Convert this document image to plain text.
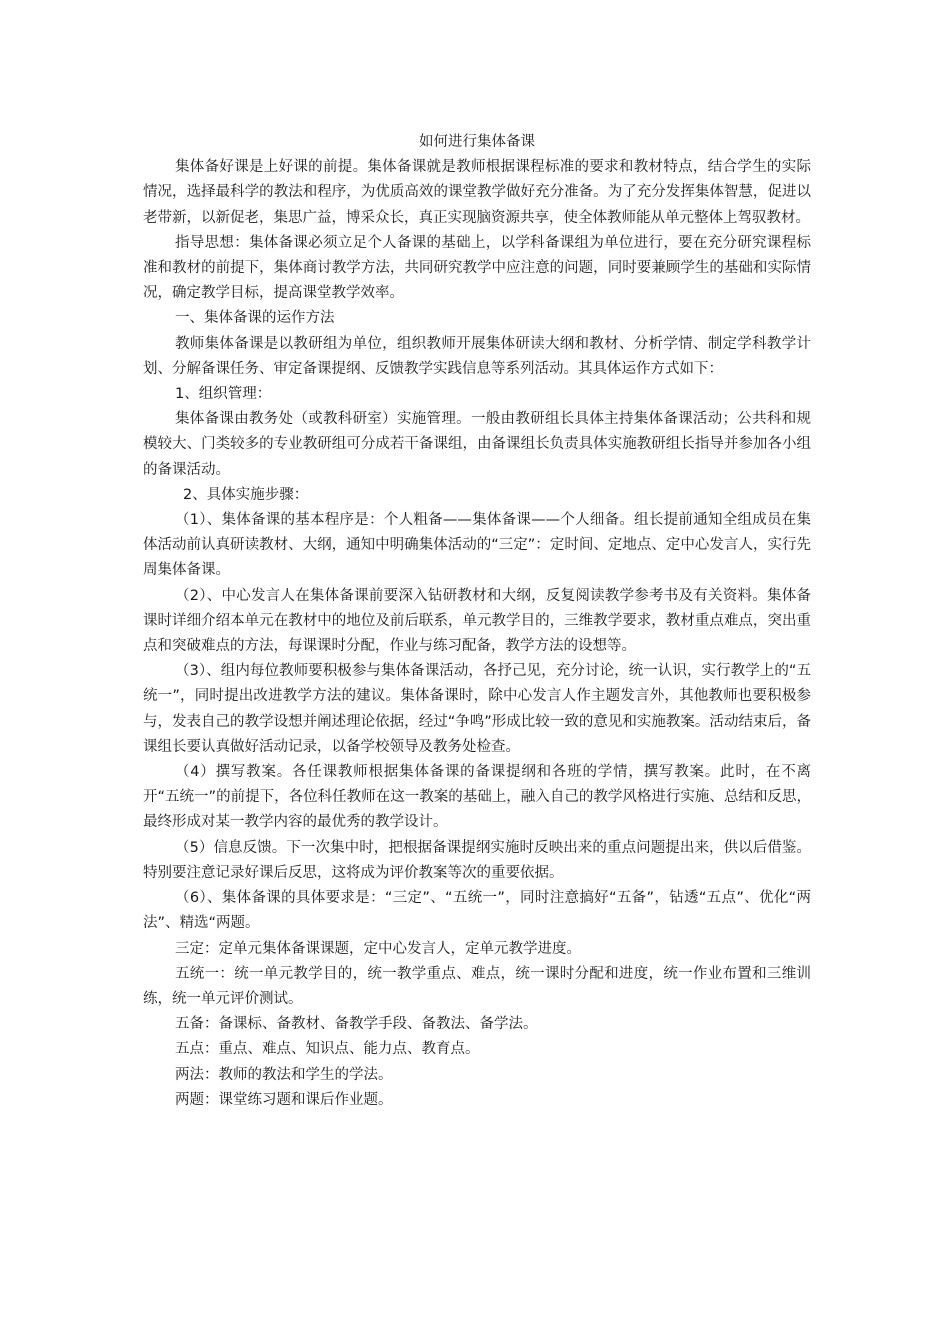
如何进行集体备课

集体备好课是上好课的前提。集体备课就是教师根据课程标准的要求和教材特点，结合学生的实际情况，选择最科学的教法和程序，为优质高效的课堂教学做好充分准备。为了充分发挥集体智慧，促进以老带新，以新促老，集思广益，博采众长，真正实现脑资源共享，使全体教师能从单元整体上驾驭教材。

指导思想：集体备课必须立足个人备课的基础上，以学科备课组为单位进行，要在充分研究课程标准和教材的前提下，集体商讨教学方法，共同研究教学中应注意的问题，同时要兼顾学生的基础和实际情况，确定教学目标，提高课堂教学效率。

一、集体备课的运作方法

教师集体备课是以教研组为单位，组织教师开展集体研读大纲和教材、分析学情、制定学科教学计划、分解备课任务、审定备课提纲、反馈教学实践信息等系列活动。其具体运作方式如下：

1、组织管理：

集体备课由教务处（或教科研室）实施管理。一般由教研组长具体主持集体备课活动；公共科和规模较大、门类较多的专业教研组可分成若干备课组，由备课组长负责具体实施教研组长指导并参加各小组的备课活动。

2、具体实施步骤：

（1）、集体备课的基本程序是：个人粗备——集体备课——个人细备。组长提前通知全组成员在集体活动前认真研读教材、大纲，通知中明确集体活动的“三定”：定时间、定地点、定中心发言人，实行先周集体备课。

（2）、中心发言人在集体备课前要深入钻研教材和大纲，反复阅读教学参考书及有关资料。集体备课时详细介绍本单元在教材中的地位及前后联系，单元教学目的，三维教学要求，教材重点难点，突出重点和突破难点的方法，每课课时分配，作业与练习配备，教学方法的设想等。

（3）、组内每位教师要积极参与集体备课活动，各抒己见，充分讨论，统一认识，实行教学上的“五统一”，同时提出改进教学方法的建议。集体备课时，除中心发言人作主题发言外，其他教师也要积极参与，发表自己的教学设想并阐述理论依据，经过“争鸣”形成比较一致的意见和实施教案。活动结束后，备课组长要认真做好活动记录，以备学校领导及教务处检查。

（4）撰写教案。各任课教师根据集体备课的备课提纲和各班的学情，撰写教案。此时，在不离开“五统一”的前提下，各位科任教师在这一教案的基础上，融入自己的教学风格进行实施、总结和反思，最终形成对某一教学内容的最优秀的教学设计。

（5）信息反馈。下一次集中时，把根据备课提纲实施时反映出来的重点问题提出来，供以后借鉴。特别要注意记录好课后反思，这将成为评价教案等次的重要依据。

（6）、集体备课的具体要求是：“三定”、“五统一”，同时注意搞好“五备”，钻透“五点”、优化“两法”、精选“两题。

三定：定单元集体备课课题，定中心发言人，定单元教学进度。

五统一：统一单元教学目的，统一教学重点、难点，统一课时分配和进度，统一作业布置和三维训练，统一单元评价测试。

五备：备课标、备教材、备教学手段、备教法、备学法。

五点：重点、难点、知识点、能力点、教育点。

两法：教师的教法和学生的学法。

两题：课堂练习题和课后作业题。
